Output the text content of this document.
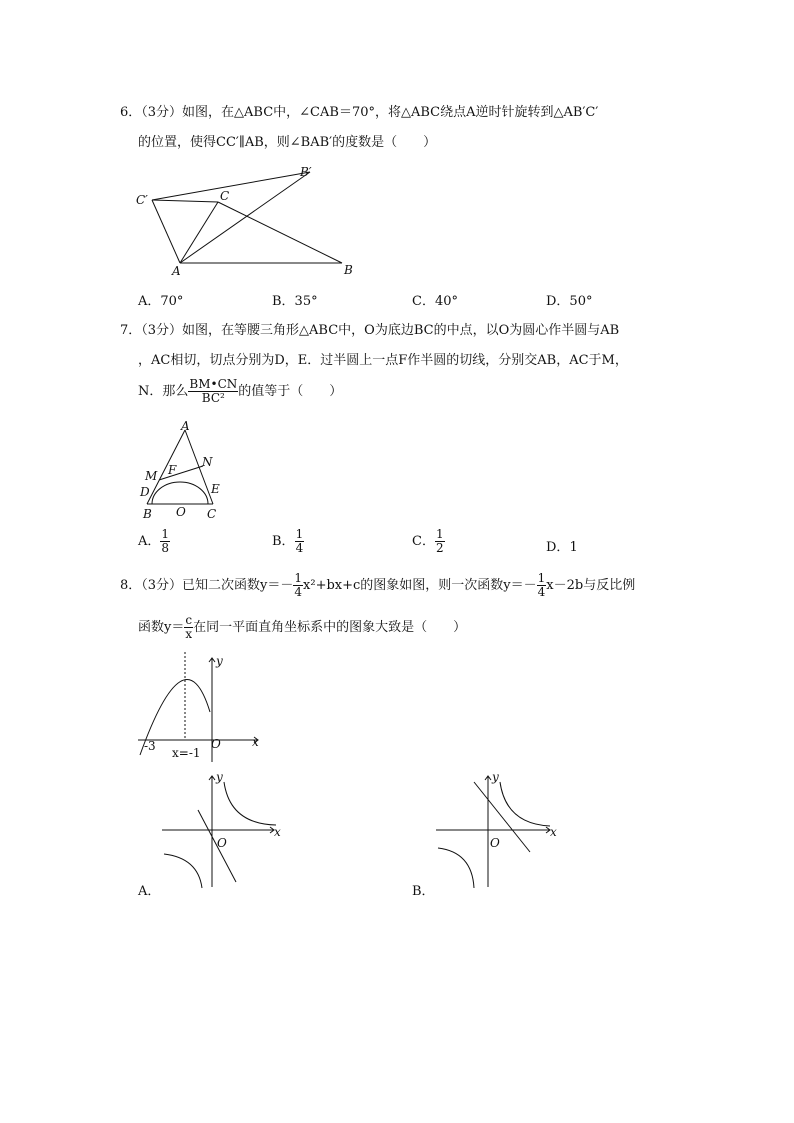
6．（3分）如图，在△ABC中，∠CAB＝70°，将△ABC绕点A逆时针旋转到△AB′C′
的位置，使得CC′∥AB，则∠BAB′的度数是（　　）
C′	C
B′
A	B
A．70°	B．35°	C．40°	D．50°
7．（3分）如图，在等腰三角形△ABC中，O为底边BC的中点，以O为圆心作半圆与AB
，AC相切，切点分别为D，E．过半圆上一点F作半圆的切线，分别交AB，AC于M，
N．那么 $\frac{BM•CN}{\text{BC²}}$ 的值等于（　　）
A
N
M F
D	E
B O C
A． $\frac{1}{8}$	B． $\frac{1}{4}$	C． $\frac{1}{2}$	D．1
8．（3分）已知二次函数$y=- \frac{1}{4} x^2+bx+c$的图象如图，则一次函数$y=- \frac{1}{4} x-2b$与反比例
函数$y= \frac{c}{x}$ 在同一平面直角坐标系中的图象大致是（　　）
y
x
O
-3 x=-1
y
x
O
A．
y
x
O
B．
